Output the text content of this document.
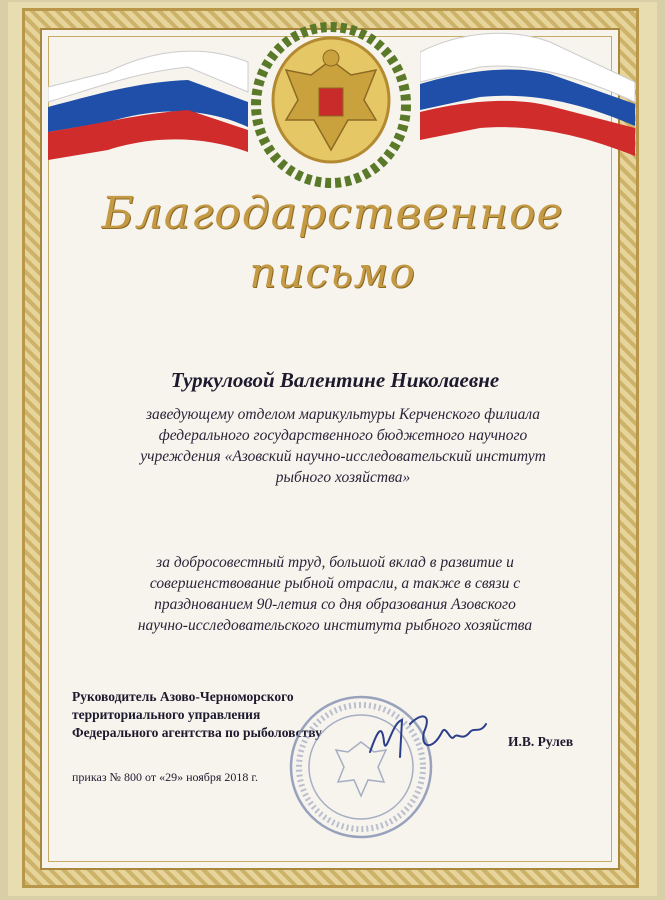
Благодарственное
письмо
Туркуловой Валентине Николаевне
заведующему отделом марикультуры Керченского филиала
федерального государственного бюджетного научного
учреждения «Азовский научно-исследовательский институт
рыбного хозяйства»
за добросовестный труд, большой вклад в развитие и
совершенствование рыбной отрасли, а также в связи с
празднованием 90-летия со дня образования Азовского
научно-исследовательского института рыбного хозяйства
Руководитель Азово-Черноморского
территориального управления
Федерального агентства по рыболовству
И.В. Рулев
приказ № 800 от «29» ноября 2018 г.
